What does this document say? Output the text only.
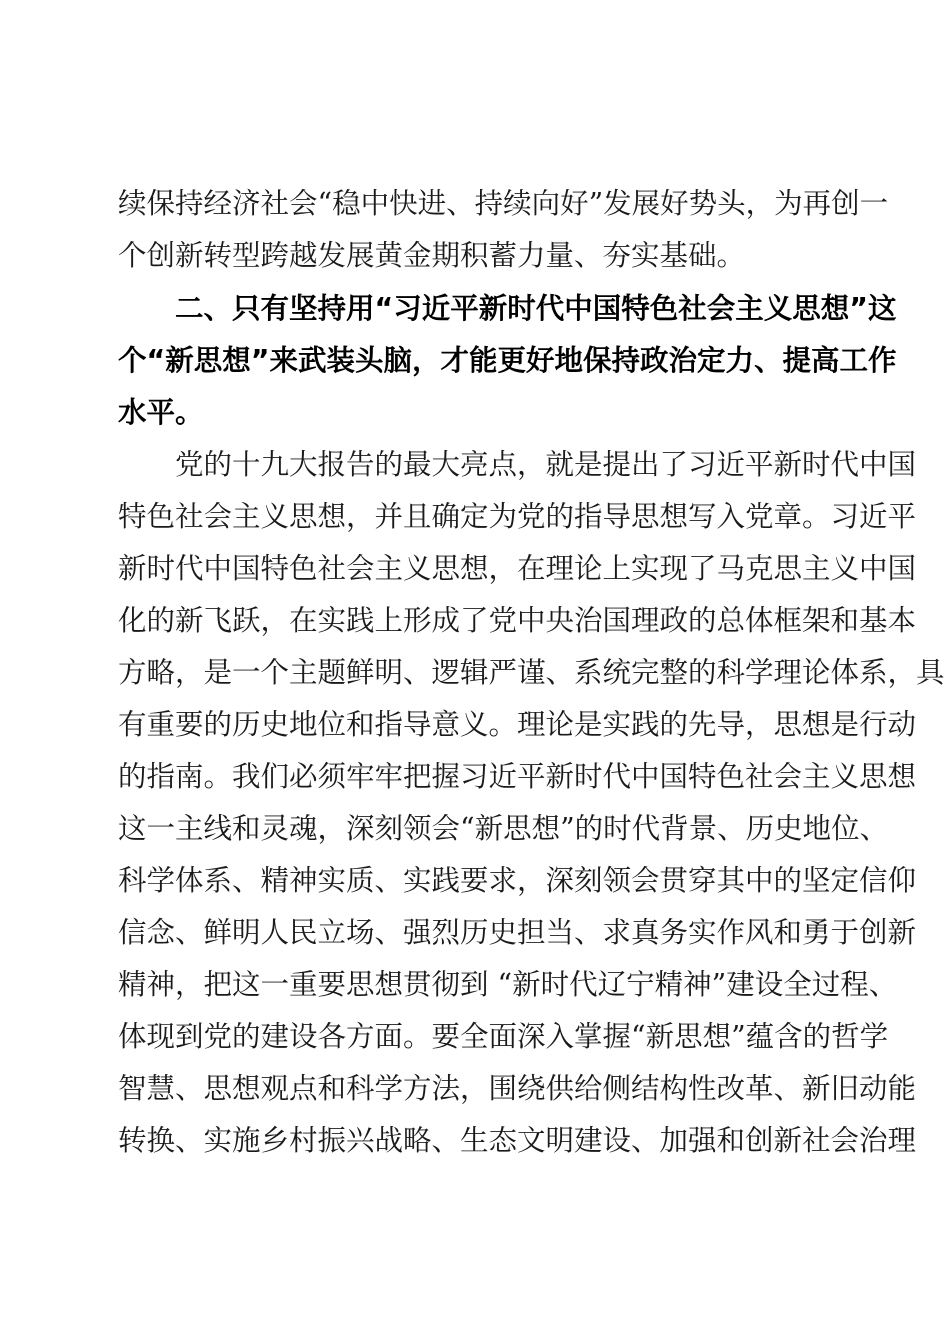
续保持经济社会“稳中快进、持续向好”发展好势头，为再创一
个创新转型跨越发展黄金期积蓄力量、夯实基础。
二、只有坚持用“习近平新时代中国特色社会主义思想”这
个“新思想”来武装头脑，才能更好地保持政治定力、提高工作
水平。
党的十九大报告的最大亮点，就是提出了习近平新时代中国
特色社会主义思想，并且确定为党的指导思想写入党章。习近平
新时代中国特色社会主义思想，在理论上实现了马克思主义中国
化的新飞跃，在实践上形成了党中央治国理政的总体框架和基本
方略，是一个主题鲜明、逻辑严谨、系统完整的科学理论体系，具
有重要的历史地位和指导意义。理论是实践的先导，思想是行动
的指南。我们必须牢牢把握习近平新时代中国特色社会主义思想
这一主线和灵魂，深刻领会“新思想”的时代背景、历史地位、
科学体系、精神实质、实践要求，深刻领会贯穿其中的坚定信仰
信念、鲜明人民立场、强烈历史担当、求真务实作风和勇于创新
精神，把这一重要思想贯彻到 “新时代辽宁精神”建设全过程、
体现到党的建设各方面。要全面深入掌握“新思想”蕴含的哲学
智慧、思想观点和科学方法，围绕供给侧结构性改革、新旧动能
转换、实施乡村振兴战略、生态文明建设、加强和创新社会治理
